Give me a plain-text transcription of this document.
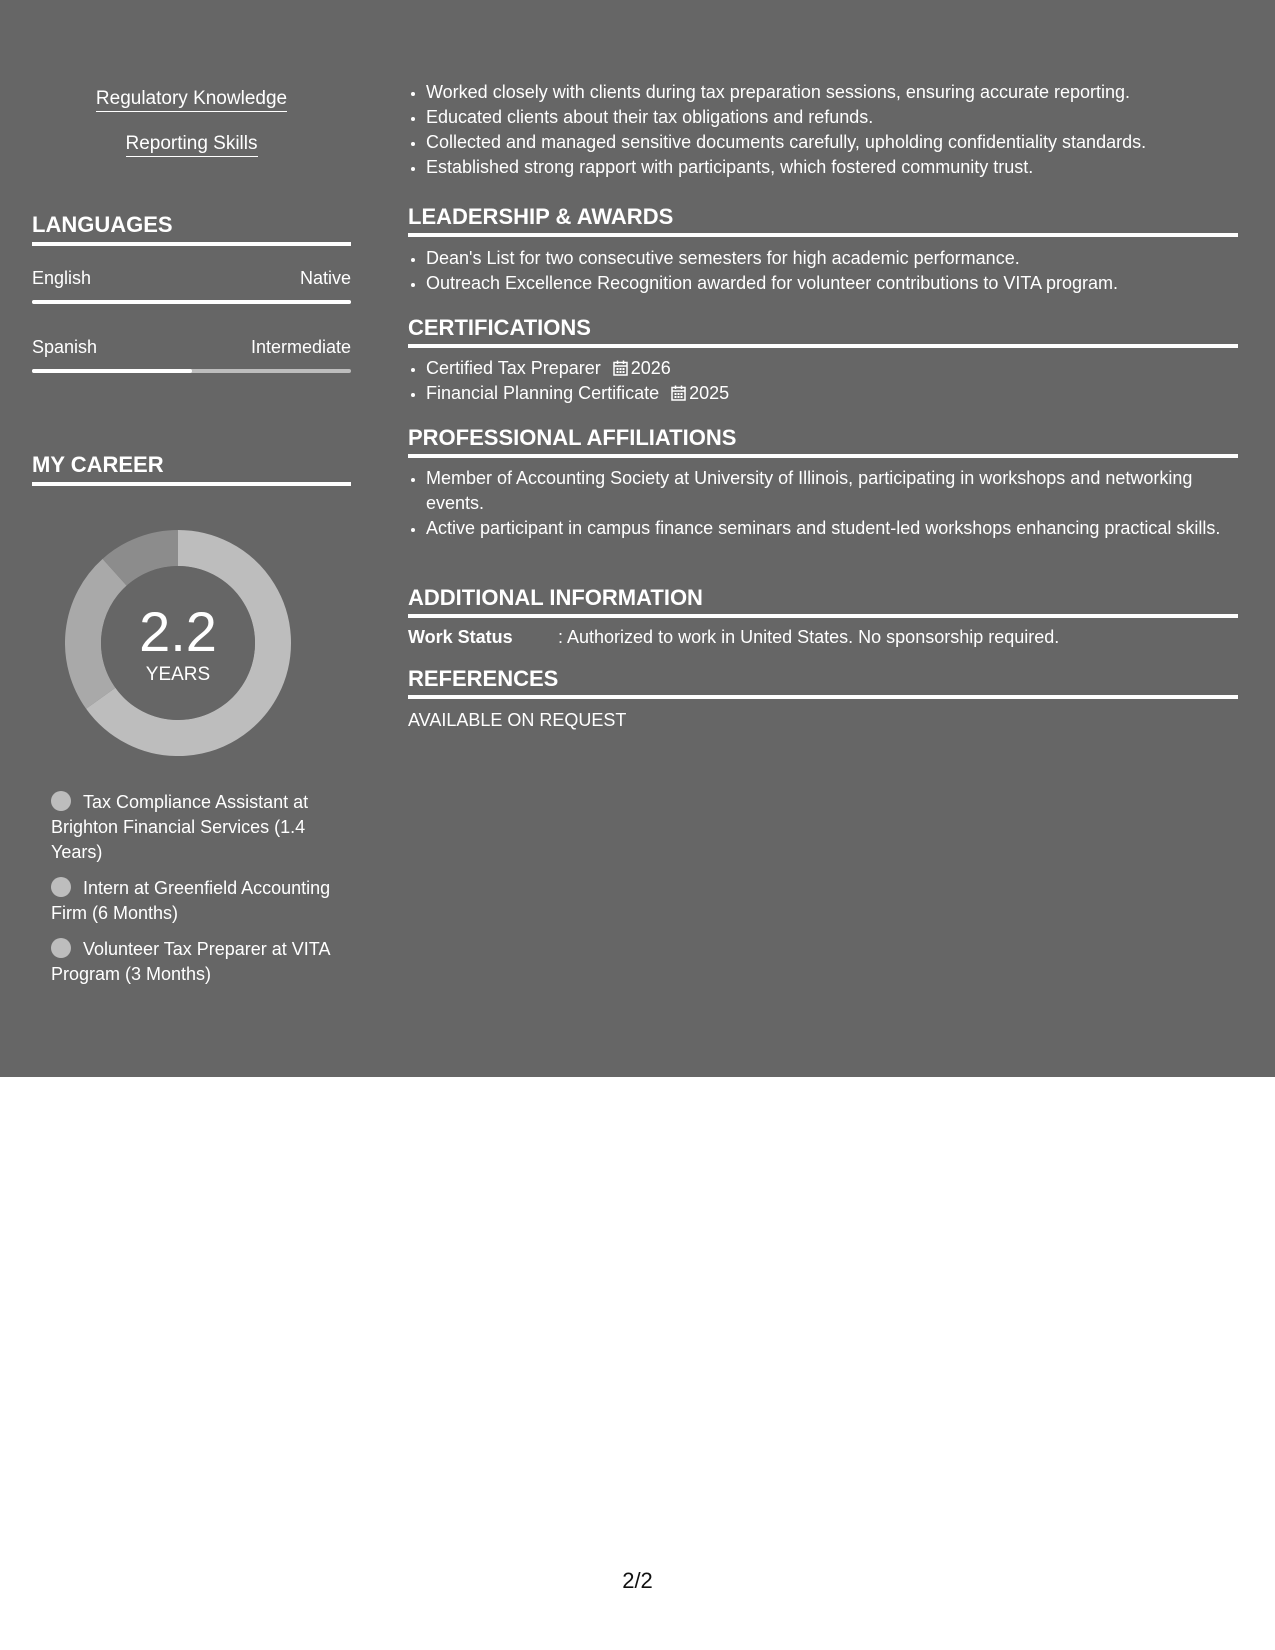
Regulatory Knowledge
Reporting Skills
LANGUAGES
English	Native
Spanish	Intermediate
MY CAREER
2.2
YEARS
Tax Compliance Assistant at Brighton Financial Services (1.4 Years)
Intern at Greenfield Accounting Firm (6 Months)
Volunteer Tax Preparer at VITA Program (3 Months)
• Worked closely with clients during tax preparation sessions, ensuring accurate reporting.
• Educated clients about their tax obligations and refunds.
• Collected and managed sensitive documents carefully, upholding confidentiality standards.
• Established strong rapport with participants, which fostered community trust.
LEADERSHIP & AWARDS
• Dean's List for two consecutive semesters for high academic performance.
• Outreach Excellence Recognition awarded for volunteer contributions to VITA program.
CERTIFICATIONS
• Certified Tax Preparer 2026
• Financial Planning Certificate 2025
PROFESSIONAL AFFILIATIONS
• Member of Accounting Society at University of Illinois, participating in workshops and networking events.
• Active participant in campus finance seminars and student-led workshops enhancing practical skills.
ADDITIONAL INFORMATION
Work Status	: Authorized to work in United States. No sponsorship required.
REFERENCES
AVAILABLE ON REQUEST
2/2
